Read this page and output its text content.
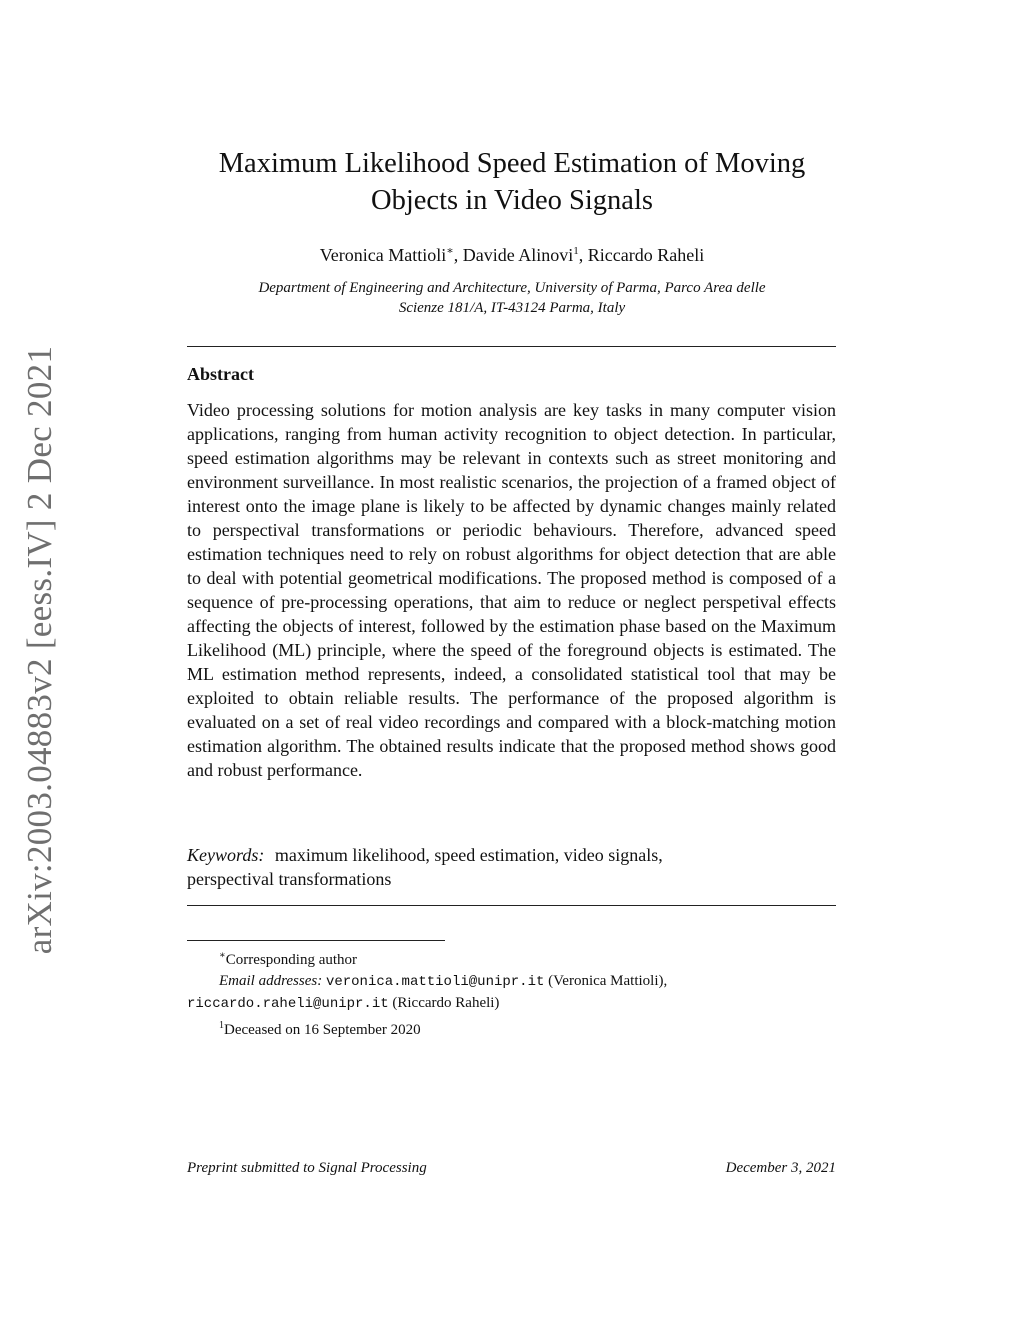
arXiv:2003.04883v2 [eess.IV] 2 Dec 2021
Maximum Likelihood Speed Estimation of Moving
Objects in Video Signals
Veronica Mattioli∗, Davide Alinovi$^1$, Riccardo Raheli
Department of Engineering and Architecture, University of Parma, Parco Area delle
Scienze 181/A, IT-43124 Parma, Italy
Abstract

Video processing solutions for motion analysis are key tasks in many computer vision applications, ranging from human activity recognition to object detection. In particular, speed estimation algorithms may be relevant in contexts such as street monitoring and environment surveillance. In most realistic scenarios, the projection of a framed object of interest onto the image plane is likely to be affected by dynamic changes mainly related to perspectival transformations or periodic behaviours. Therefore, advanced speed estimation techniques need to rely on robust algorithms for object detection that are able to deal with potential geometrical modifications. The proposed method is composed of a sequence of pre-processing operations, that aim to reduce or neglect perspetival effects affecting the objects of interest, followed by the estimation phase based on the Maximum Likelihood (ML) principle, where the speed of the foreground objects is estimated. The ML estimation method represents, indeed, a consolidated statistical tool that may be exploited to obtain reliable results. The performance of the proposed algorithm is evaluated on a set of real video recordings and compared with a block-matching motion estimation algorithm. The obtained results indicate that the proposed method shows good and robust performance.

Keywords: maximum likelihood, speed estimation, video signals,
perspectival transformations
∗Corresponding author
Email addresses: veronica.mattioli@unipr.it (Veronica Mattioli),
riccardo.raheli@unipr.it (Riccardo Raheli)
$^1$Deceased on 16 September 2020
Preprint submitted to Signal Processing	December 3, 2021
